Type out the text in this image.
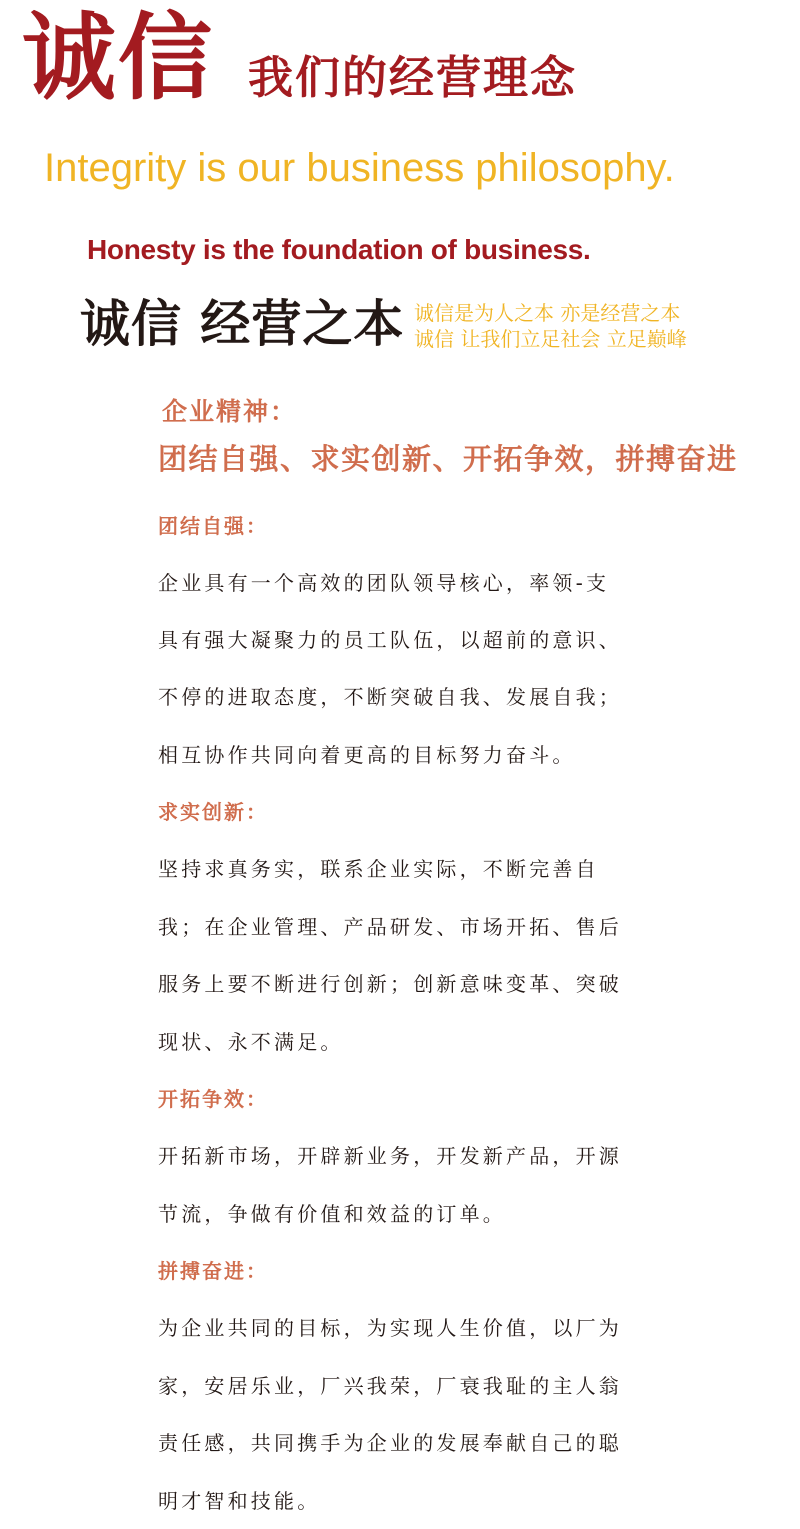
诚信 我们的经营理念
Integrity is our business philosophy.
Honesty is the foundation of business.
诚信 经营之本 诚信是为人之本 亦是经营之本
诚信 让我们立足社会 立足巅峰
企业精神：
团结自强、求实创新、开拓争效，拼搏奋进
团结自强：
企业具有一个高效的团队领导核心，率领-支
具有强大凝聚力的员工队伍，以超前的意识、
不停的进取态度，不断突破自我、发展自我；
相互协作共同向着更高的目标努力奋斗。
求实创新：
坚持求真务实，联系企业实际，不断完善自
我；在企业管理、产品研发、市场开拓、售后
服务上要不断进行创新；创新意味变革、突破
现状、永不满足。
开拓争效：
开拓新市场，开辟新业务，开发新产品，开源
节流，争做有价值和效益的订单。
拼搏奋进：
为企业共同的目标，为实现人生价值，以厂为
家，安居乐业，厂兴我荣，厂衰我耻的主人翁
责任感，共同携手为企业的发展奉献自己的聪
明才智和技能。
